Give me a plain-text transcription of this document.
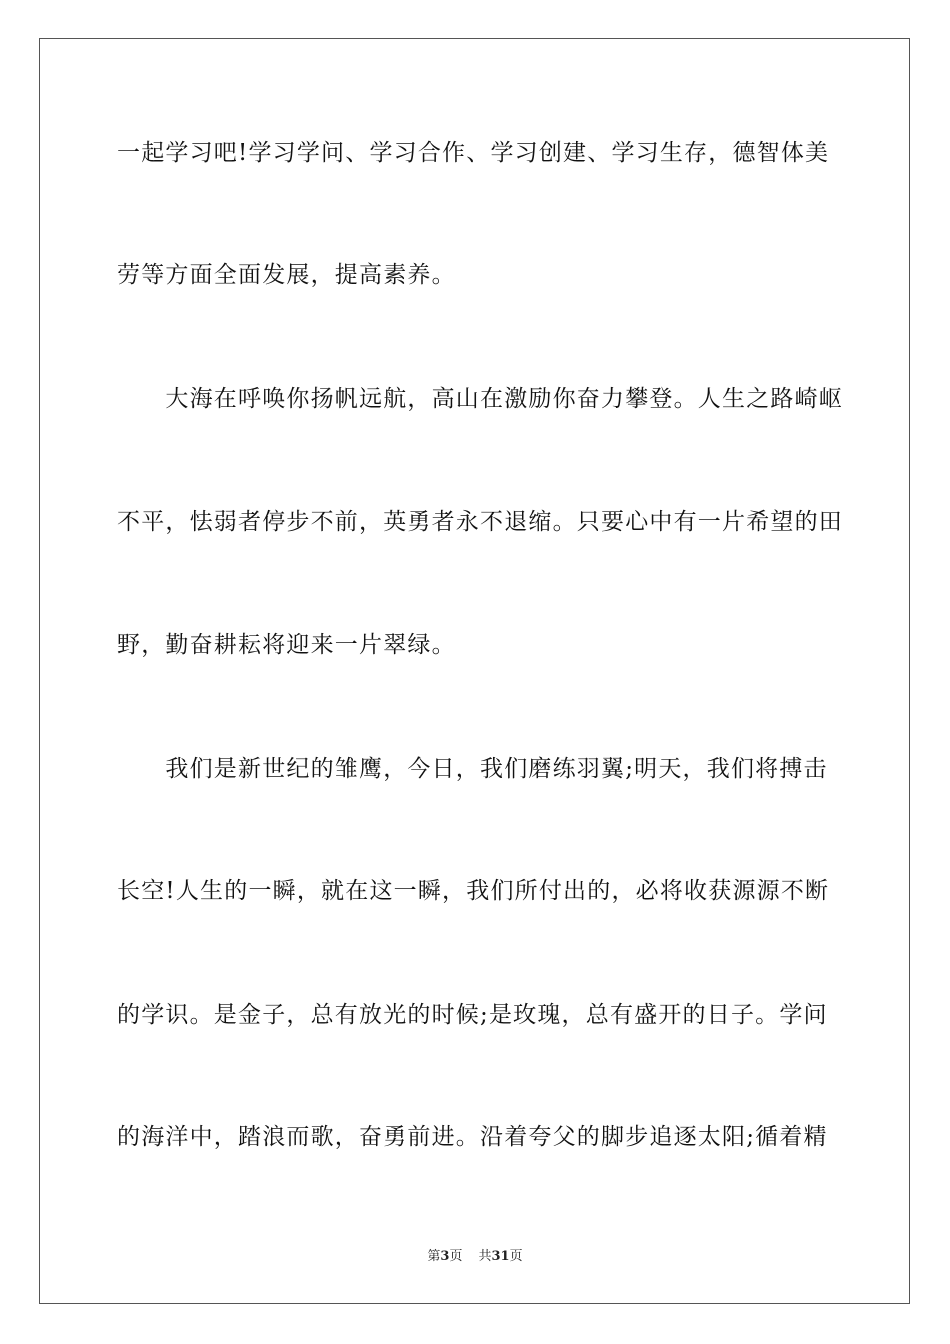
一起学习吧!学习学问、学习合作、学习创建、学习生存，德智体美
劳等方面全面发展，提高素养。
　　大海在呼唤你扬帆远航，高山在激励你奋力攀登。人生之路崎岖
不平，怯弱者停步不前，英勇者永不退缩。只要心中有一片希望的田
野，勤奋耕耘将迎来一片翠绿。
　　我们是新世纪的雏鹰，今日，我们磨练羽翼;明天，我们将搏击
长空!人生的一瞬，就在这一瞬，我们所付出的，必将收获源源不断
的学识。是金子，总有放光的时候;是玫瑰，总有盛开的日子。学问
的海洋中，踏浪而歌，奋勇前进。沿着夸父的脚步追逐太阳;循着精
第3页 共31页
